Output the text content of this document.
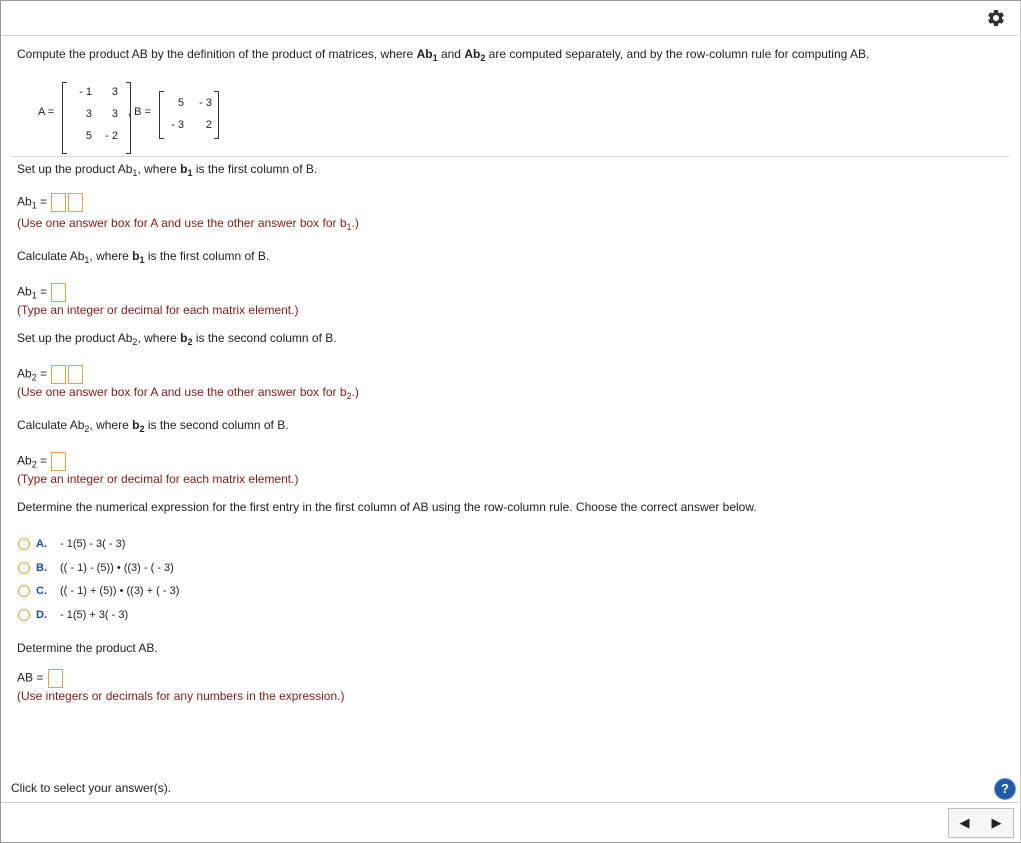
Compute the product AB by the definition of the product of matrices, where $Ab_1$ and $Ab_2$ are computed separately, and by the row-column rule for computing AB.
A =
- 1	3
3	3
5	- 2
, B =
5	- 3
- 3	2
Set up the product $Ab_1$, where $b_1$ is the first column of B.
$Ab_1$ =
(Use one answer box for A and use the other answer box for $b_1$.)
Calculate $Ab_1$, where $b_1$ is the first column of B.
$Ab_1$ =
(Type an integer or decimal for each matrix element.)
Set up the product $Ab_2$, where $b_2$ is the second column of B.
$Ab_2$ =
(Use one answer box for A and use the other answer box for $b_2$.)
Calculate $Ab_2$, where $b_2$ is the second column of B.
$Ab_2$ =
(Type an integer or decimal for each matrix element.)
Determine the numerical expression for the first entry in the first column of AB using the row-column rule. Choose the correct answer below.
A. - 1(5) - 3( - 3)
B. (( - 1) - (5)) • ((3) - ( - 3)
C. (( - 1) + (5)) • ((3) + ( - 3)
D. - 1(5) + 3( - 3)
Determine the product AB.
AB =
(Use integers or decimals for any numbers in the expression.)
Click to select your answer(s).	?
◀	▶
